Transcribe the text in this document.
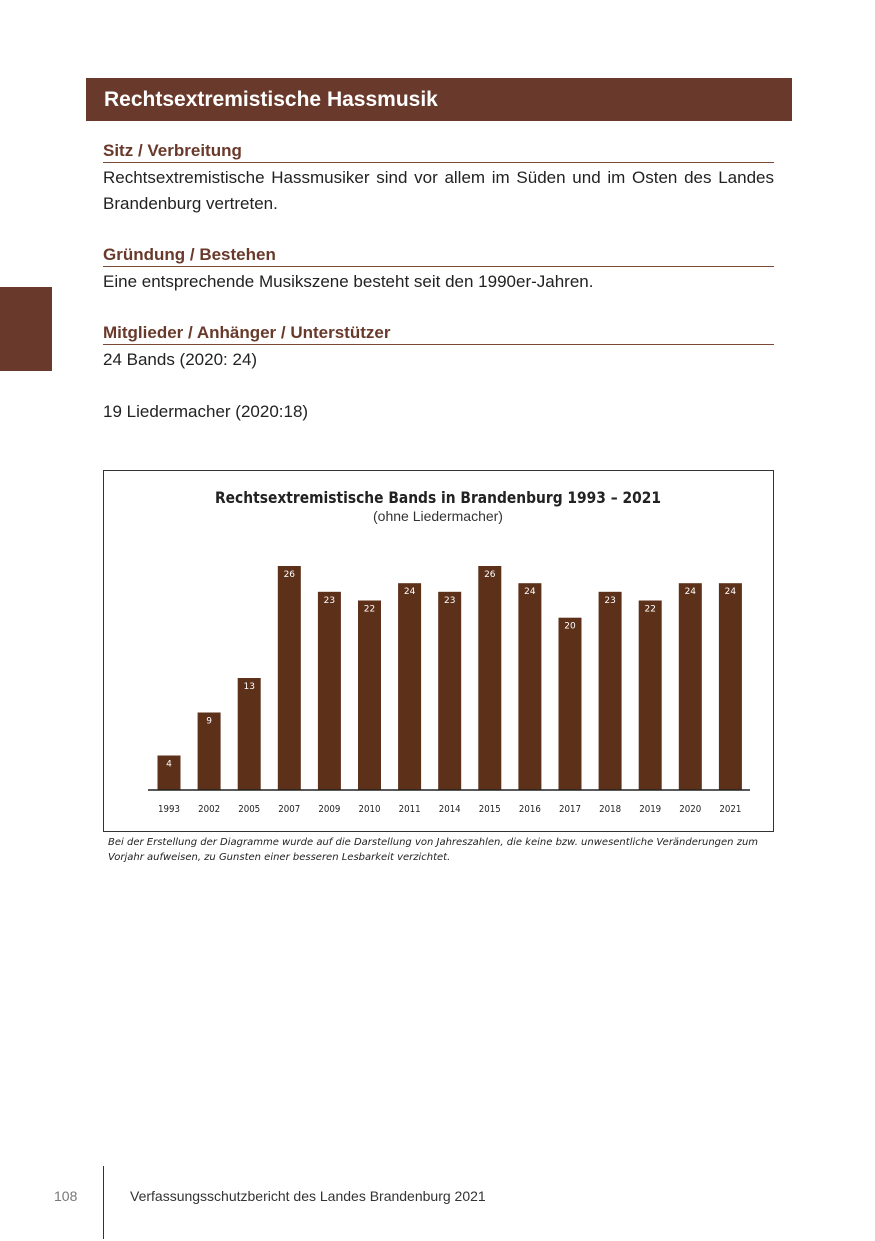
Rechtsextremistische Hassmusik
Sitz / Verbreitung
Rechtsextremistische Hassmusiker sind vor allem im Süden und im Osten des Landes Brandenburg vertreten.
Gründung / Bestehen
Eine entsprechende Musikszene besteht seit den 1990er-Jahren.
Mitglieder / Anhänger / Unterstützer
24 Bands (2020: 24)
19 Liedermacher (2020:18)
Rechtsextremistische Bands in Brandenburg 1993 – 2021
(ohne Liedermacher)
4
9
13
26
23
22
24
23
26
24
20
23
22
24	24
1993 2002 2005 2007 2009 2010 2011 2014 2015 2016 2017 2018 2019 2020 2021
Bei der Erstellung der Diagramme wurde auf die Darstellung von Jahreszahlen, die keine bzw. unwesentliche Veränderungen zum Vorjahr aufweisen, zu Gunsten einer besseren Lesbarkeit verzichtet.
108	Verfassungsschutzbericht des Landes Brandenburg 2021
